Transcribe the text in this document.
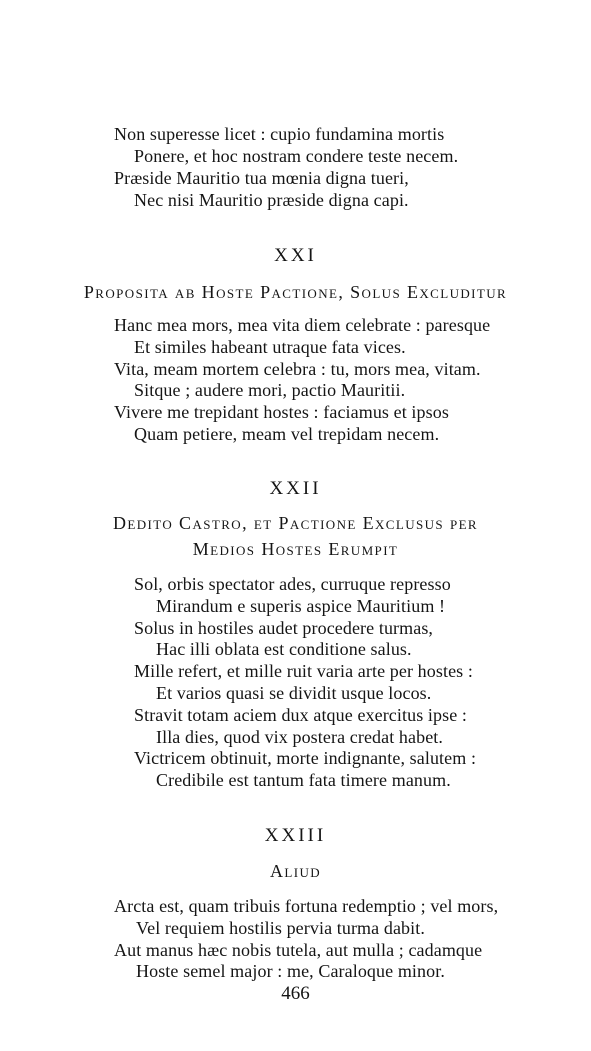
Non superesse licet : cupio fundamina mortis
Ponere, et hoc nostram condere teste necem.
Præside Mauritio tua mœnia digna tueri,
Nec nisi Mauritio præside digna capi.
XXI
Proposita ab Hoste Pactione, Solus Excluditur
Hanc mea mors, mea vita diem celebrate : paresque
Et similes habeant utraque fata vices.
Vita, meam mortem celebra : tu, mors mea, vitam.
Sitque ; audere mori, pactio Mauritii.
Vivere me trepidant hostes : faciamus et ipsos
Quam petiere, meam vel trepidam necem.
XXII
Dedito Castro, et Pactione Exclusus per
Medios Hostes Erumpit
Sol, orbis spectator ades, curruque represso
Mirandum e superis aspice Mauritium !
Solus in hostiles audet procedere turmas,
Hac illi oblata est conditione salus.
Mille refert, et mille ruit varia arte per hostes :
Et varios quasi se dividit usque locos.
Stravit totam aciem dux atque exercitus ipse :
Illa dies, quod vix postera credat habet.
Victricem obtinuit, morte indignante, salutem :
Credibile est tantum fata timere manum.
XXIII
Aliud
Arcta est, quam tribuis fortuna redemptio ; vel mors,
Vel requiem hostilis pervia turma dabit.
Aut manus hæc nobis tutela, aut mulla ; cadamque
Hoste semel major : me, Caraloque minor.
466
